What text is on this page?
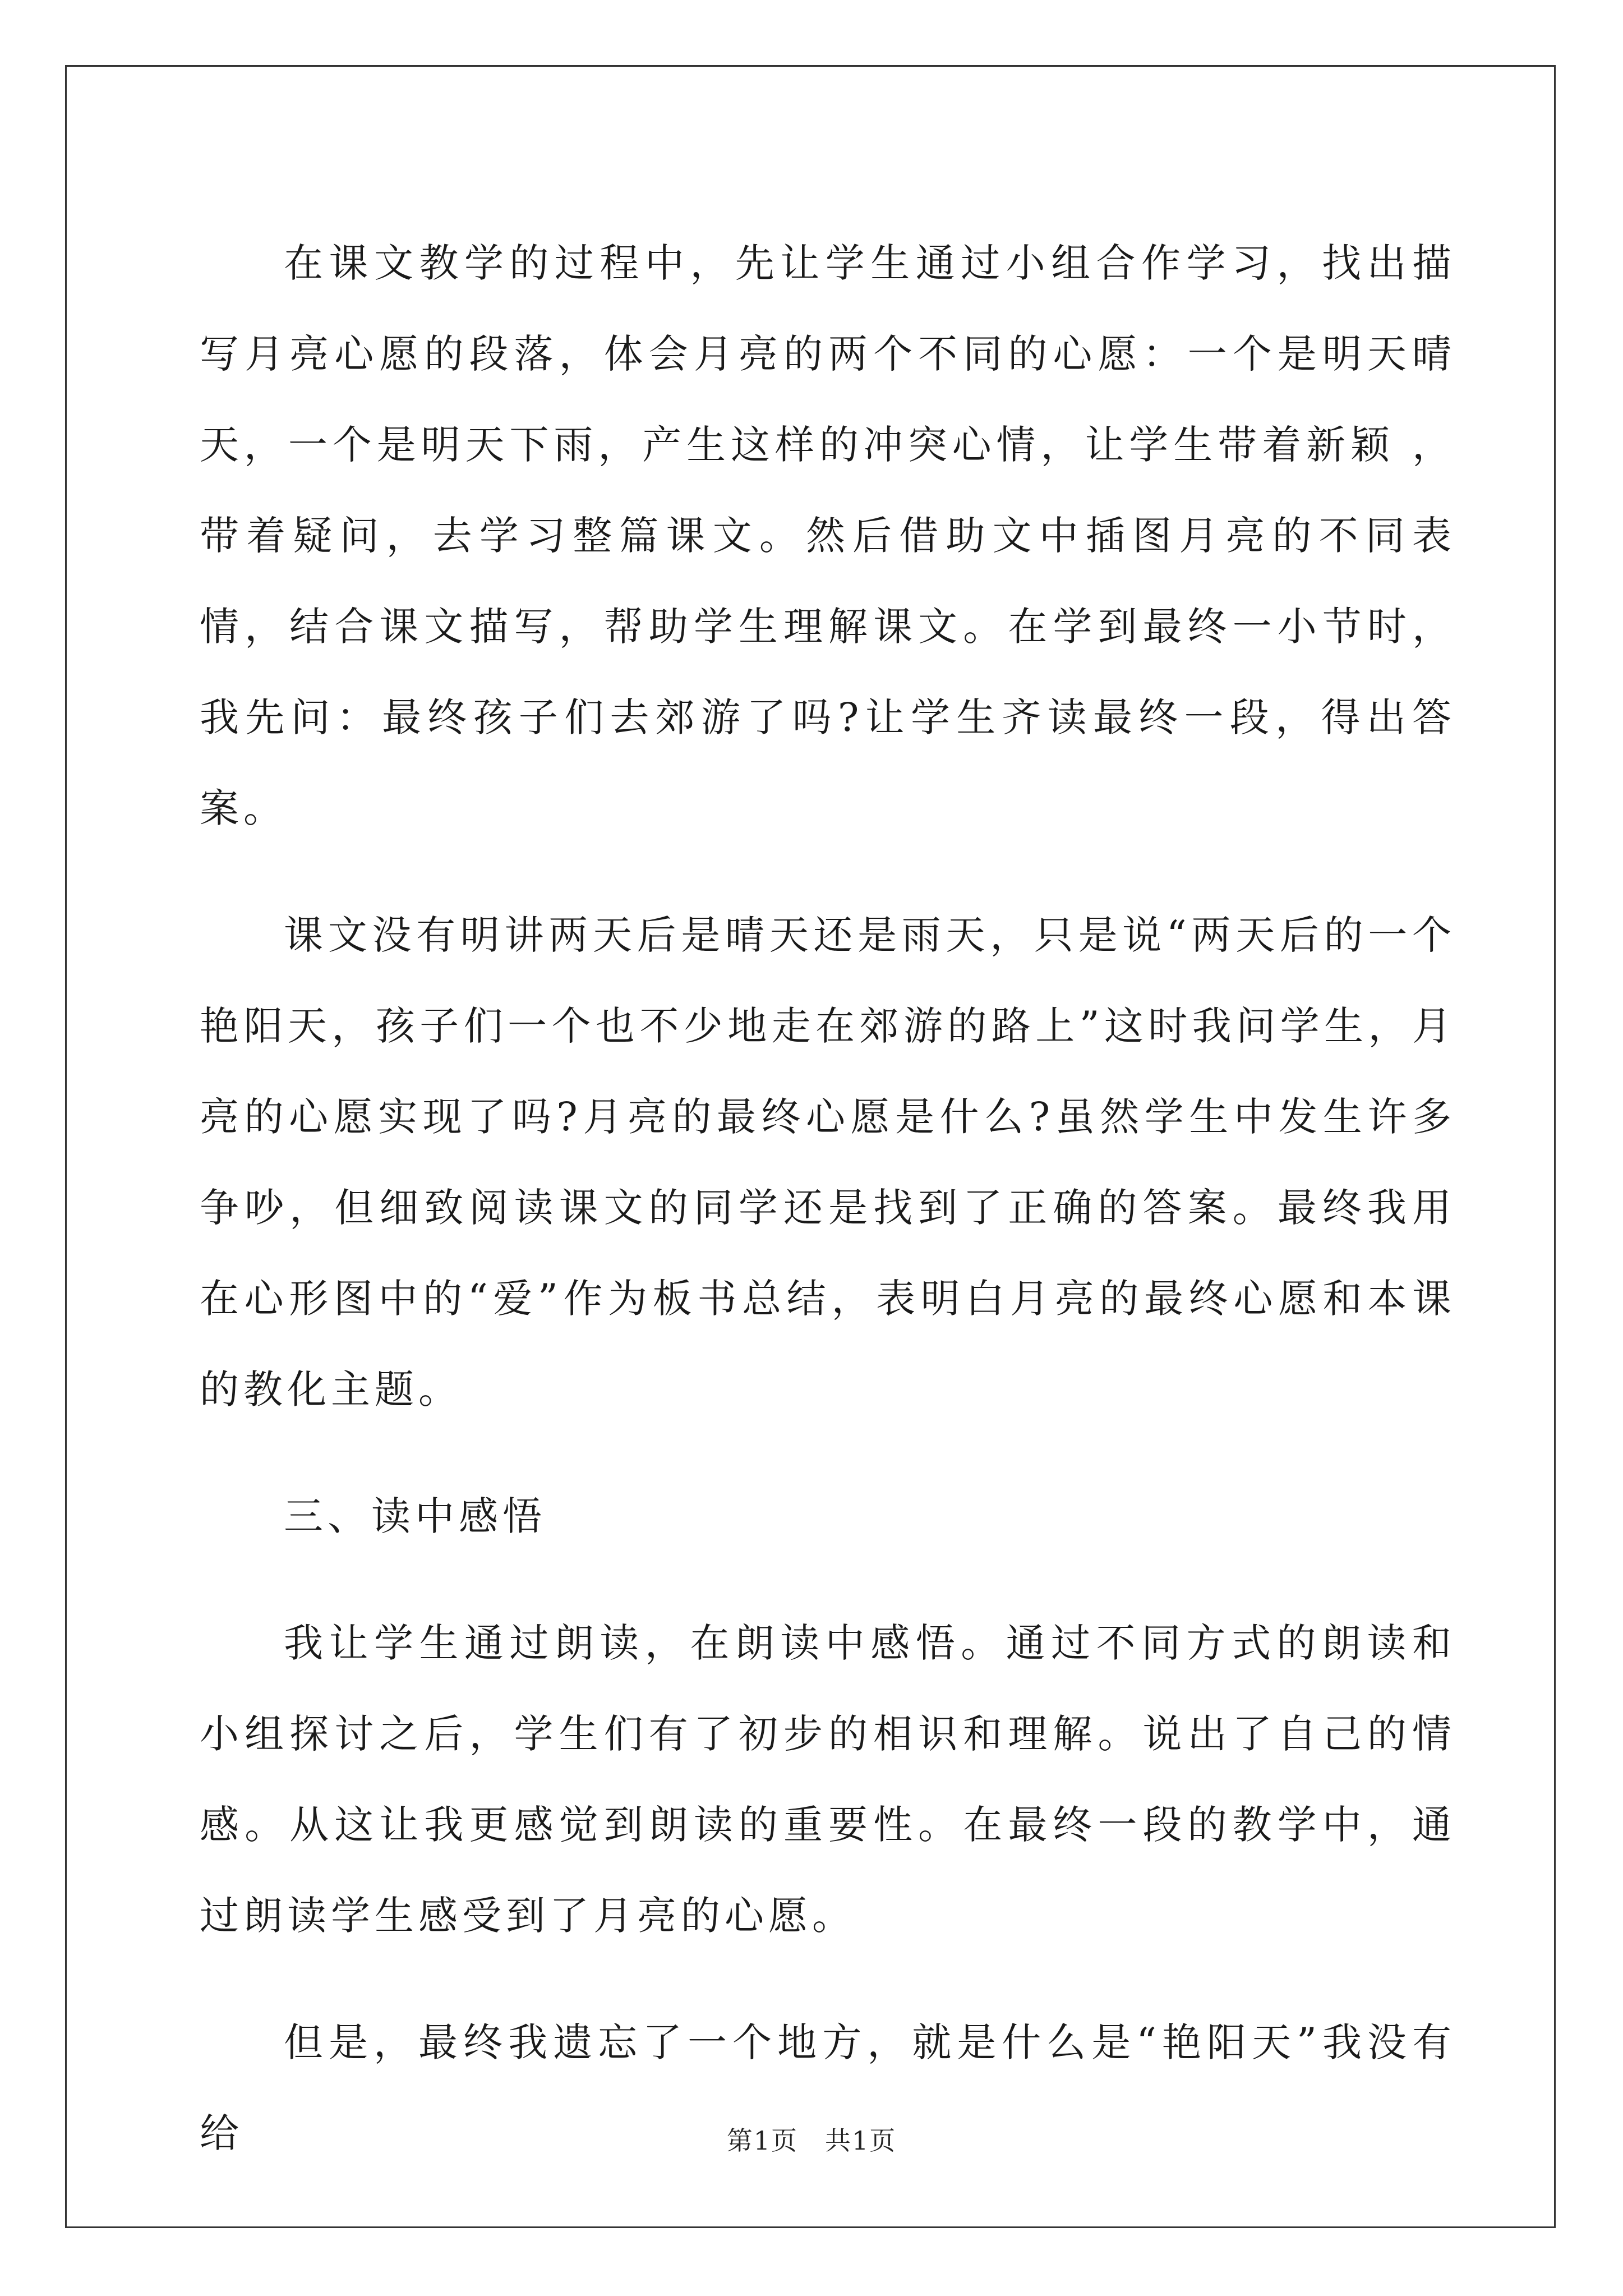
在课文教学的过程中，先让学生通过小组合作学习，找出描写月亮心愿的段落，体会月亮的两个不同的心愿：一个是明天晴天，一个是明天下雨，产生这样的冲突心情，让学生带着新颖 ，带着疑问，去学习整篇课文。然后借助文中插图月亮的不同表情，结合课文描写，帮助学生理解课文。在学到最终一小节时，我先问：最终孩子们去郊游了吗?让学生齐读最终一段，得出答案。

课文没有明讲两天后是晴天还是雨天，只是说“两天后的一个艳阳天，孩子们一个也不少地走在郊游的路上”这时我问学生，月亮的心愿实现了吗?月亮的最终心愿是什么?虽然学生中发生许多争吵，但细致阅读课文的同学还是找到了正确的答案。最终我用在心形图中的“爱”作为板书总结，表明白月亮的最终心愿和本课的教化主题。

三、读中感悟

我让学生通过朗读，在朗读中感悟。通过不同方式的朗读和小组探讨之后，学生们有了初步的相识和理解。说出了自己的情感。从这让我更感觉到朗读的重要性。在最终一段的教学中，通过朗读学生感受到了月亮的心愿。

但是，最终我遗忘了一个地方，就是什么是“艳阳天”我没有给	第1页　共1页
